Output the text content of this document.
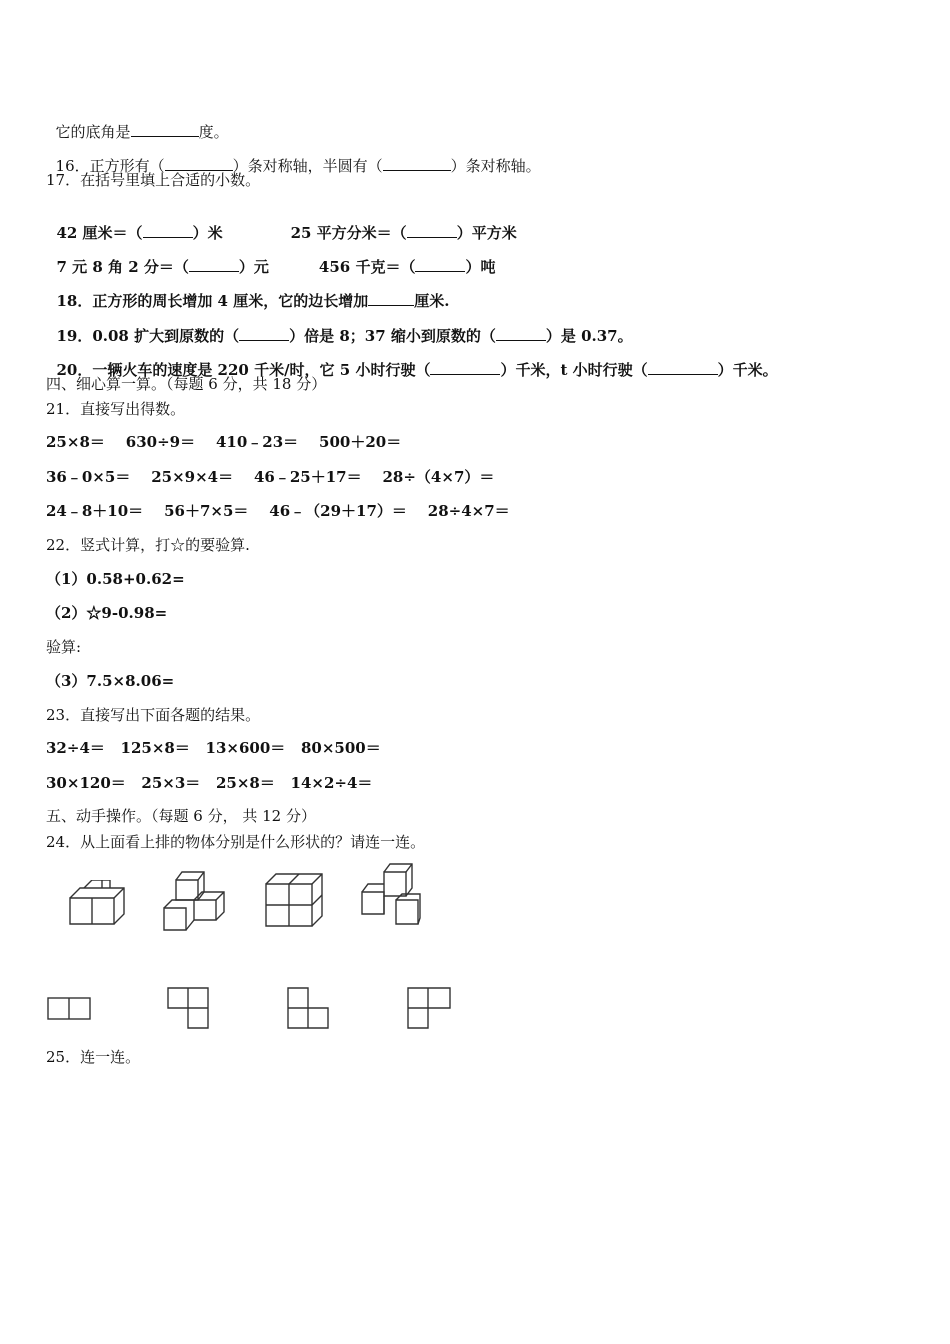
它的底角是	度。

16．正方形有（	）条对称轴，半圆有（	）条对称轴。

17．在括号里填上合适的小数。

42 厘米＝（	）米	25 平方分米＝（	）平方米

7 元 8 角 2 分＝（	）元	456 千克＝（	）吨

18．正方形的周长增加 4 厘米，它的边长增加	厘米.

19．0.08 扩大到原数的（	）倍是 8；37 缩小到原数的（	）是 0.37。

20．一辆火车的速度是 220 千米/时，它 5 小时行驶（	）千米，t 小时行驶（	）千米。

四、细心算一算。（每题 6 分，共 18 分）
21．直接写出得数。
25×8＝    630÷9＝    410﹣23＝    500＋20＝
36﹣0×5＝    25×9×4＝    46﹣25＋17＝    28÷（4×7）＝
24﹣8＋10＝    56＋7×5＝    46﹣（29＋17）＝    28÷4×7＝
22．竖式计算，打☆的要验算.
（1）0.58+0.62=
（2）☆9-0.98=
验算:
（3）7.5×8.06=
23．直接写出下面各题的结果。
32÷4＝   125×8＝   13×600＝   80×500＝
30×120＝   25×3＝   25×8＝   14×2÷4＝
五、动手操作。（每题 6 分， 共 12 分）
24．从上面看上排的物体分别是什么形状的？请连一连。
25．连一连。
